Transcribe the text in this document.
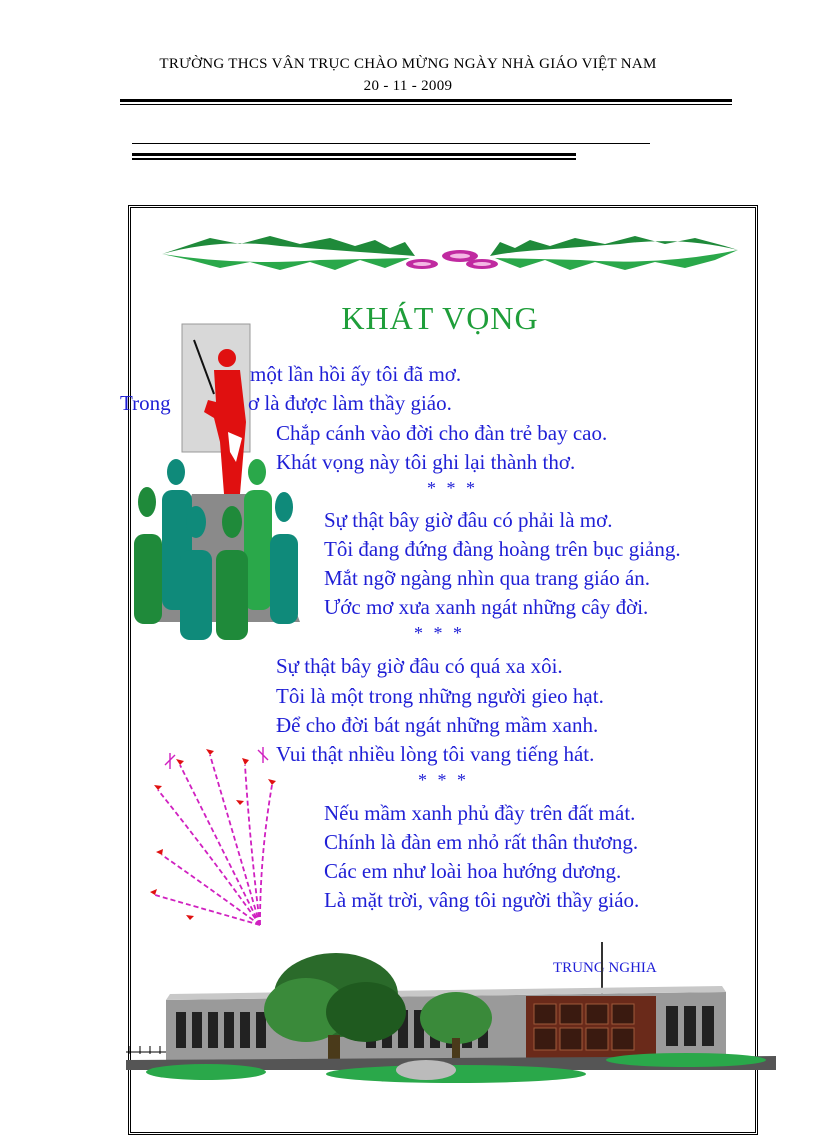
TRƯỜNG THCS VÂN TRỤC CHÀO MỪNG NGÀY NHÀ GIÁO VIỆT NAM
20 - 11 - 2009
KHÁT VỌNG
một lần hồi ấy tôi đã mơ.
Trong	ơ là được làm thầy giáo.
Chắp cánh vào đời cho đàn trẻ bay cao.
Khát vọng này tôi ghi lại thành thơ.
* * *
Sự thật bây giờ đâu có phải là mơ.
Tôi đang đứng đàng hoàng trên bục giảng.
Mắt ngỡ ngàng nhìn qua trang giáo án.
Ước mơ xưa xanh ngát những cây đời.
* * *
Sự thật bây giờ đâu có quá xa xôi.
Tôi là một trong những người gieo hạt.
Để cho đời bát ngát những mầm xanh.
Vui thật nhiều lòng tôi vang tiếng hát.
* * *
Nếu mầm xanh phủ đầy trên đất mát.
Chính là đàn em nhỏ rất thân thương.
Các em như loài hoa hướng dương.
Là mặt trời, vâng tôi người thầy giáo.
TRUNG NGHIA
